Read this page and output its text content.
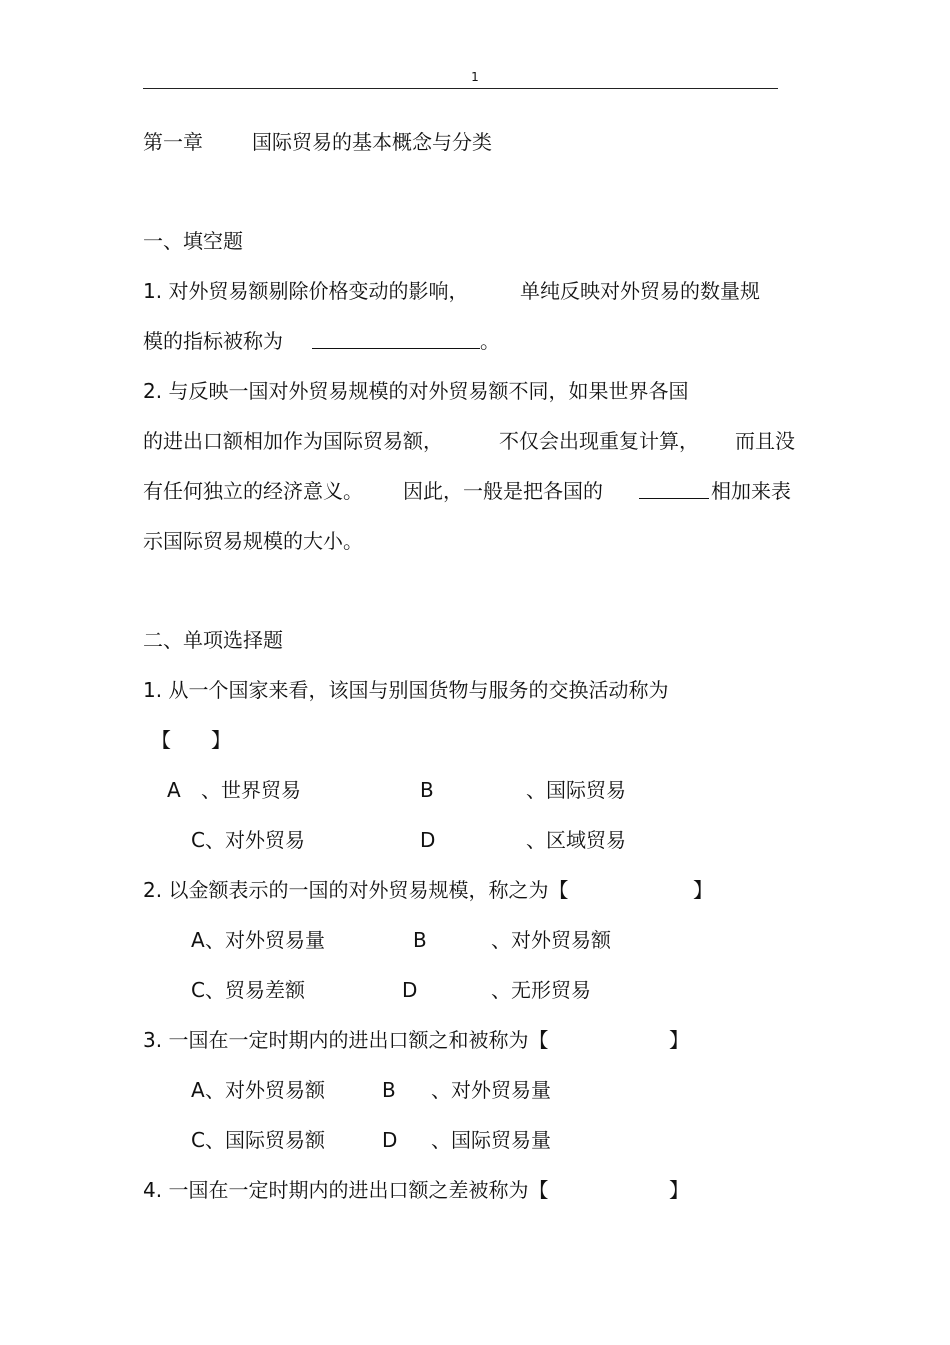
1
第一章 国际贸易的基本概念与分类
一、填空题
1. 对外贸易额剔除价格变动的影响，	单纯反映对外贸易的数量规
模的指标被称为	。
2. 与反映一国对外贸易规模的对外贸易额不同，如果世界各国
的进出口额相加作为国际贸易额，	不仅会出现重复计算， 而且没
有任何独立的经济意义。 因此，一般是把各国的	相加来表
示国际贸易规模的大小。
二、单项选择题
1. 从一个国家来看，该国与别国货物与服务的交换活动称为
【 】
A 、世界贸易	B	、国际贸易
C 、对外贸易	D	、区域贸易
2. 以金额表示的一国的对外贸易规模，称之为【	】
A 、对外贸易量	B	、对外贸易额
C 、贸易差额	D	、无形贸易
3. 一国在一定时期内的进出口额之和被称为【	】
A 、对外贸易额	B 、对外贸易量
C 、国际贸易额	D 、国际贸易量
4. 一国在一定时期内的进出口额之差被称为【	】
